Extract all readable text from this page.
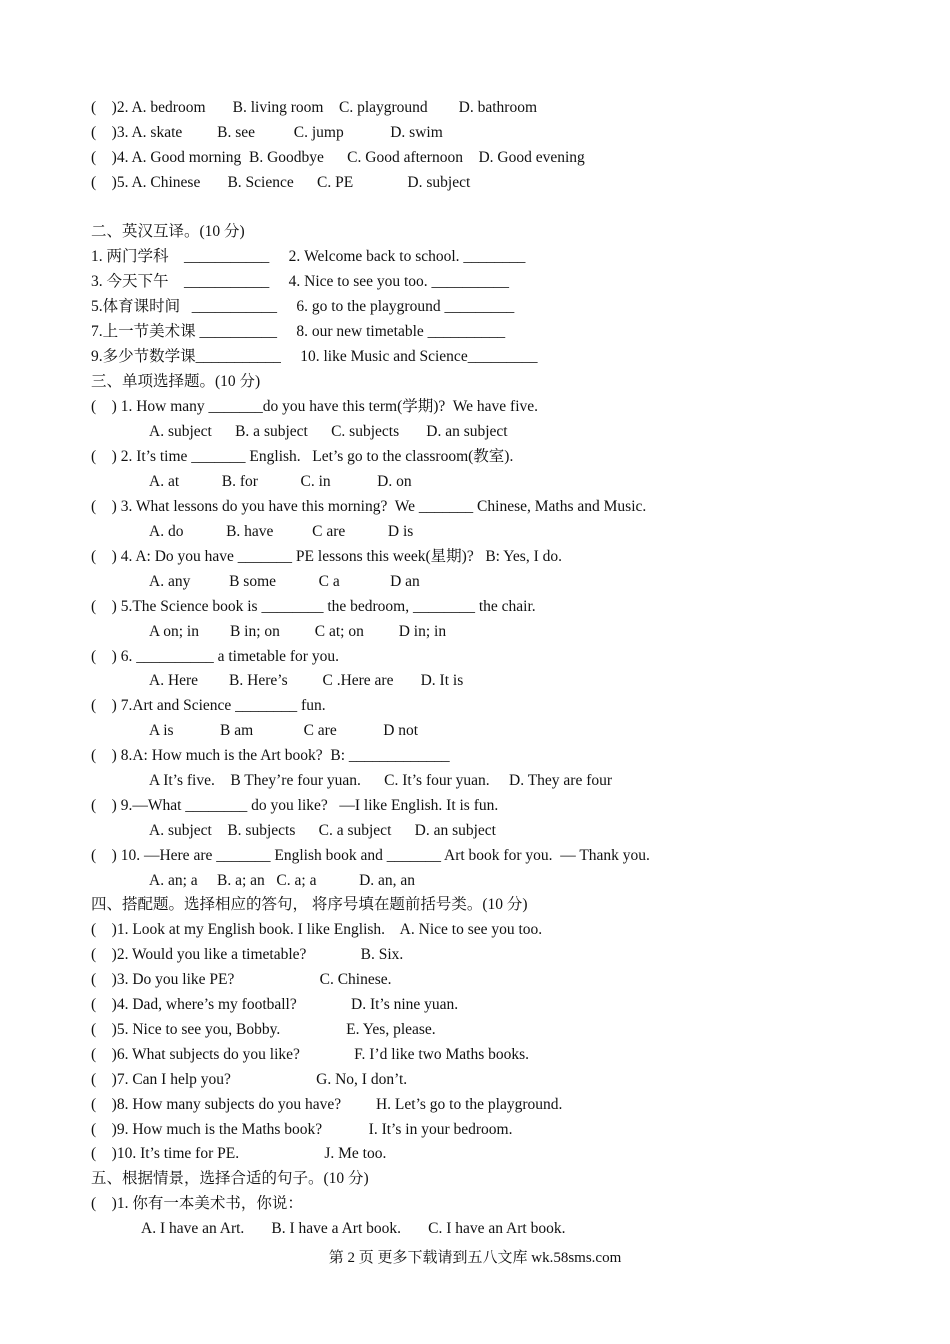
(    )2. A. bedroom       B. living room    C. playground        D. bathroom
(    )3. A. skate         B. see          C. jump            D. swim
(    )4. A. Good morning  B. Goodbye      C. Good afternoon    D. Good evening
(    )5. A. Chinese       B. Science      C. PE              D. subject
二、英汉互译。(10 分)
1. 两门学科    ___________     2. Welcome back to school. ________
3. 今天下午    ___________     4. Nice to see you too. __________
5.体育课时间   ___________     6. go to the playground _________
7.上一节美术课 __________     8. our new timetable __________
9.多少节数学课___________     10. like Music and Science_________
三、单项选择题。(10 分)
(    ) 1. How many _______do you have this term(学期)?  We have five.
A. subject      B. a subject      C. subjects       D. an subject
(    ) 2. It’s time _______ English.   Let’s go to the classroom(教室).
A. at           B. for           C. in            D. on
(    ) 3. What lessons do you have this morning?  We _______ Chinese, Maths and Music.
A. do           B. have          C are           D is
(    ) 4. A: Do you have _______ PE lessons this week(星期)?   B: Yes, I do.
A. any          B some           C a             D an
(    ) 5.The Science book is ________ the bedroom, ________ the chair.
A on; in        B in; on         C at; on         D in; in
(    ) 6. __________ a timetable for you.
A. Here        B. Here’s         C .Here are       D. It is
(    ) 7.Art and Science ________ fun.
A is            B am             C are            D not
(    ) 8.A: How much is the Art book?  B: _____________
A It’s five.    B They’re four yuan.      C. It’s four yuan.     D. They are four
(    ) 9.—What ________ do you like?   —I like English. It is fun.
A. subject    B. subjects      C. a subject      D. an subject
(    ) 10. —Here are _______ English book and _______ Art book for you.  — Thank you.
A. an; a     B. a; an   C. a; a           D. an, an
四、搭配题。选择相应的答句， 将序号填在题前括号类。(10 分)
(    )1. Look at my English book. I like English.    A. Nice to see you too.
(    )2. Would you like a timetable?              B. Six.
(    )3. Do you like PE?                      C. Chinese.
(    )4. Dad, where’s my football?              D. It’s nine yuan.
(    )5. Nice to see you, Bobby.                 E. Yes, please.
(    )6. What subjects do you like?              F. I’d like two Maths books.
(    )7. Can I help you?                      G. No, I don’t.
(    )8. How many subjects do you have?         H. Let’s go to the playground.
(    )9. How much is the Maths book?            I. It’s in your bedroom.
(    )10. It’s time for PE.                      J. Me too.
五、根据情景，选择合适的句子。(10 分)
(    )1. 你有一本美术书，你说：
A. I have an Art.       B. I have a Art book.       C. I have an Art book.
第 2 页 更多下载请到五八文库 wk.58sms.com
